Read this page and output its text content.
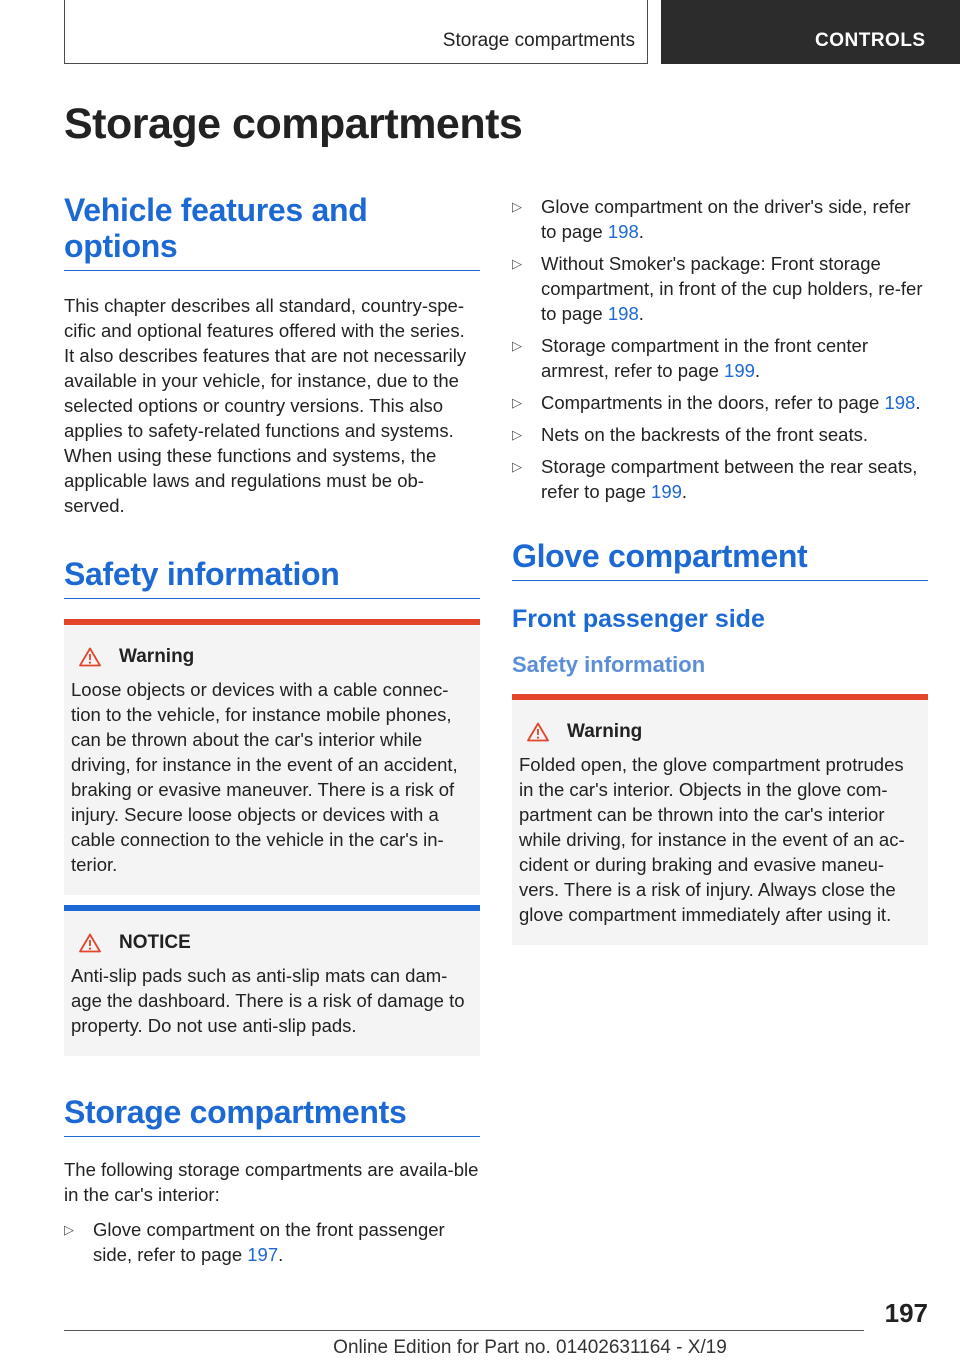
Storage compartments	CONTROLS
Storage compartments
Vehicle features and options

This chapter describes all standard, country-spe-cific and optional features offered with the series. It also describes features that are not necessarily available in your vehicle, for instance, due to the selected options or country versions. This also applies to safety-related functions and systems. When using these functions and systems, the applicable laws and regulations must be ob-served.

Safety information
Warning

Loose objects or devices with a cable connec-tion to the vehicle, for instance mobile phones, can be thrown about the car's interior while driving, for instance in the event of an accident, braking or evasive maneuver. There is a risk of injury. Secure loose objects or devices with a cable connection to the vehicle in the car's in-terior.

NOTICE

Anti-slip pads such as anti-slip mats can dam-age the dashboard. There is a risk of damage to property. Do not use anti-slip pads.

Storage compartments

The following storage compartments are availa-ble in the car's interior:

▷ Glove compartment on the front passenger side, refer to page 197.
▷ Glove compartment on the driver's side, refer to page 198.
▷ Without Smoker's package: Front storage compartment, in front of the cup holders, re-fer to page 198.
▷ Storage compartment in the front center armrest, refer to page 199.
▷ Compartments in the doors, refer to page 198.
▷ Nets on the backrests of the front seats.
▷ Storage compartment between the rear seats, refer to page 199.
Glove compartment
Front passenger side
Safety information
Warning

Folded open, the glove compartment protrudes in the car's interior. Objects in the glove com-partment can be thrown into the car's interior while driving, for instance in the event of an ac-cident or during braking and evasive maneu-vers. There is a risk of injury. Always close the glove compartment immediately after using it.

197
Online Edition for Part no. 01402631164 - X/19
